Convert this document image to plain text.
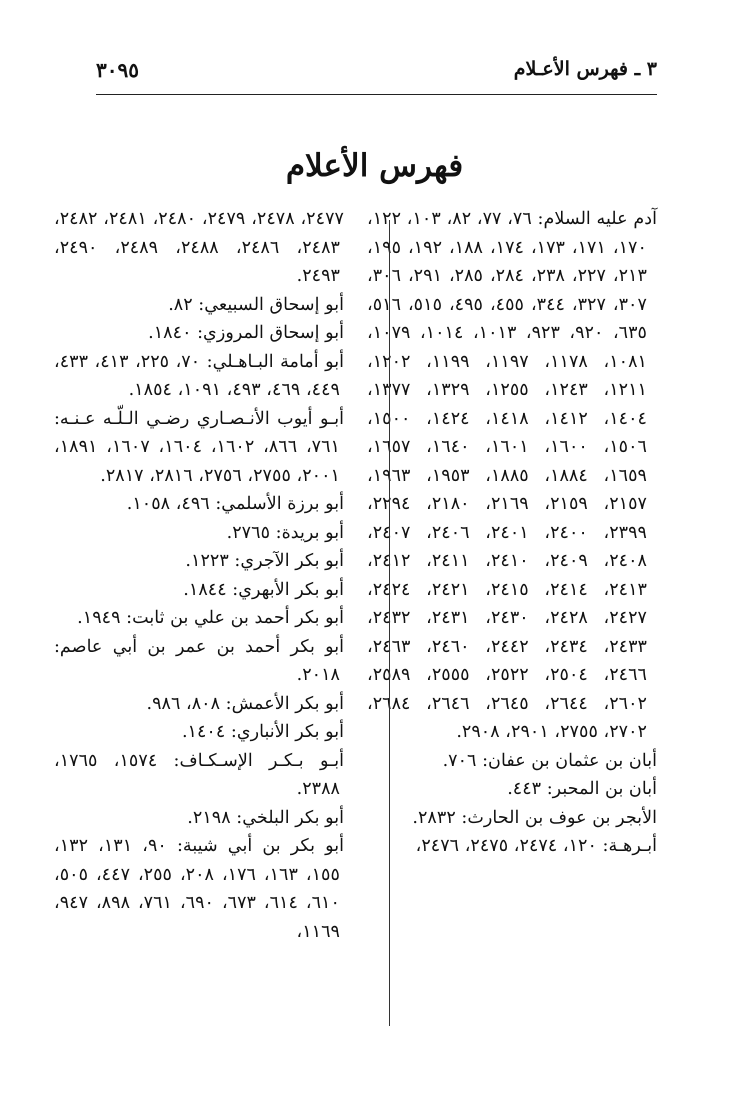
٣ ـ فهرس الأعـلام
٣٠٩٥
فهرس الأعلام

آدم عليه السلام: ٧٦، ٧٧، ٨٢، ١٠٣، ١٢٢، ١٧٠، ١٧١، ١٧٣، ١٧٤، ١٨٨، ١٩٢، ١٩٥، ٢١٣، ٢٢٧، ٢٣٨، ٢٨٤، ٢٨٥، ٢٩١، ٣٠٦، ٣٠٧، ٣٢٧، ٣٤٤، ٤٥٥، ٤٩٥، ٥١٥، ٥١٦، ٦٣٥، ٩٢٠، ٩٢٣، ١٠١٣، ١٠١٤، ١٠٧٩، ١٠٨١، ١١٧٨، ١١٩٧، ١١٩٩، ١٢٠٢، ١٢١١، ١٢٤٣، ١٢٥٥، ١٣٢٩، ١٣٧٧، ١٤٠٤، ١٤١٢، ١٤١٨، ١٤٢٤، ١٥٠٠، ١٥٠٦، ١٦٠٠، ١٦٠١، ١٦٤٠، ١٦٥٧، ١٦٥٩، ١٨٨٤، ١٨٨٥، ١٩٥٣، ١٩٦٣، ٢١٥٧، ٢١٥٩، ٢١٦٩، ٢١٨٠، ٢٢٩٤، ٢٣٩٩، ٢٤٠٠، ٢٤٠١، ٢٤٠٦، ٢٤٠٧، ٢٤٠٨، ٢٤٠٩، ٢٤١٠، ٢٤١١، ٢٤١٢، ٢٤١٣، ٢٤١٤، ٢٤١٥، ٢٤٢١، ٢٤٢٤، ٢٤٢٧، ٢٤٢٨، ٢٤٣٠، ٢٤٣١، ٢٤٣٢، ٢٤٣٣، ٢٤٣٤، ٢٤٤٢، ٢٤٦٠، ٢٤٦٣، ٢٤٦٦، ٢٥٠٤، ٢٥٢٢، ٢٥٥٥، ٢٥٨٩، ٢٦٠٢، ٢٦٤٤، ٢٦٤٥، ٢٦٤٦، ٢٦٨٤، ٢٧٠٢، ٢٧٥٥، ٢٩٠١، ٢٩٠٨.

أبان بن عثمان بن عفان: ٧٠٦.

أبان بن المحبر: ٤٤٣.

الأبجر بن عوف بن الحارث: ٢٨٣٢.

أبـرهـة: ١٢٠، ٢٤٧٤، ٢٤٧٥، ٢٤٧٦،

٢٤٧٧، ٢٤٧٨، ٢٤٧٩، ٢٤٨٠، ٢٤٨١، ٢٤٨٢، ٢٤٨٣، ٢٤٨٦، ٢٤٨٨، ٢٤٨٩، ٢٤٩٠، ٢٤٩٣.

أبو إسحاق السبيعي: ٨٢.

أبو إسحاق المروزي: ١٨٤٠.

أبو أمامة البـاهـلي: ٧٠، ٢٢٥، ٤١٣، ٤٣٣، ٤٤٩، ٤٦٩، ٤٩٣، ١٠٩١، ١٨٥٤.

أبـو أيوب الأنـصـاري رضـي الـلّـه عـنـه: ٧٦١، ٨٦٦، ١٦٠٢، ١٦٠٤، ١٦٠٧، ١٨٩١، ٢٠٠١، ٢٧٥٥، ٢٧٥٦، ٢٨١٦، ٢٨١٧.

أبو برزة الأسلمي: ٤٩٦، ١٠٥٨.

أبو بريدة: ٢٧٦٥.

أبو بكر الآجري: ١٢٢٣.

أبو بكر الأبهري: ١٨٤٤.

أبو بكر أحمد بن علي بن ثابت: ١٩٤٩.

أبو بكر أحمد بن عمر بن أبي عاصم: ٢٠١٨.

أبو بكر الأعمش: ٨٠٨، ٩٨٦.

أبو بكر الأنباري: ١٤٠٤.

أبـو بـكـر الإسـكـاف: ١٥٧٤، ١٧٦٥، ٢٣٨٨.

أبو بكر البلخي: ٢١٩٨.

أبو بكر بن أبي شيبة: ٩٠، ١٣١، ١٣٢، ١٥٥، ١٦٣، ١٧٦، ٢٠٨، ٢٥٥، ٤٤٧، ٥٠٥، ٦١٠، ٦١٤، ٦٧٣، ٦٩٠، ٧٦١، ٨٩٨، ٩٤٧، ١١٦٩،
